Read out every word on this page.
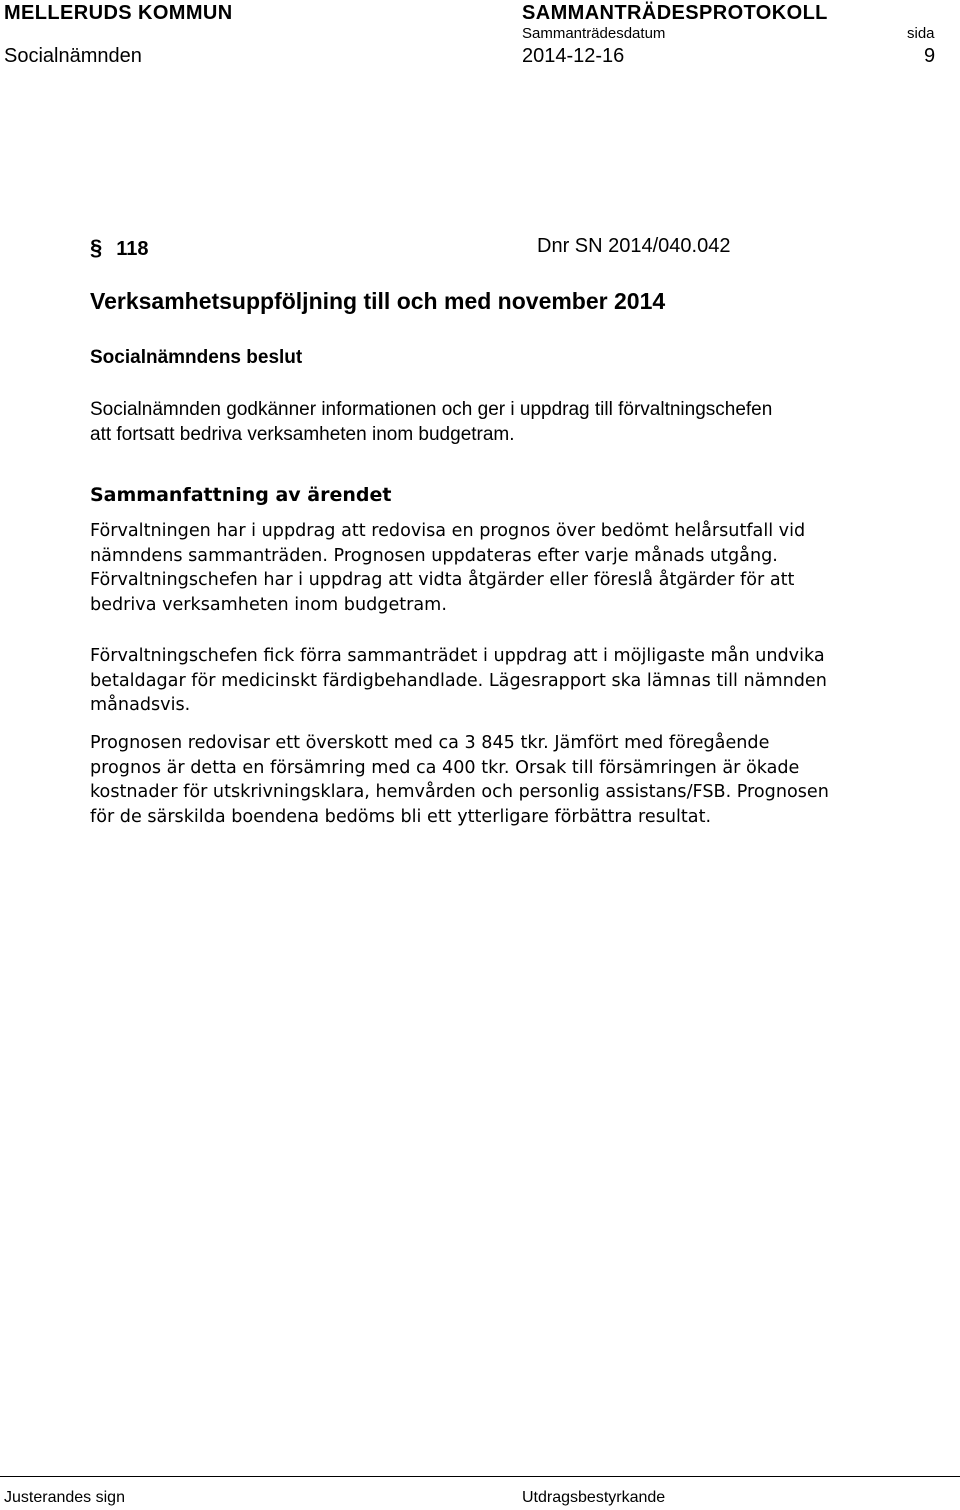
MELLERUDS KOMMUN	SAMMANTRÄDESPROTOKOLL
Sammanträdesdatum	sida
Socialnämnden	2014-12-16	9
§ 118	Dnr SN 2014/040.042
Verksamhetsuppföljning till och med november 2014
Socialnämndens beslut

Socialnämnden godkänner informationen och ger i uppdrag till förvaltningschefen

att fortsatt bedriva verksamheten inom budgetram.

Sammanfattning av ärendet

Förvaltningen har i uppdrag att redovisa en prognos över bedömt helårsutfall vid

nämndens sammanträden. Prognosen uppdateras efter varje månads utgång.

Förvaltningschefen har i uppdrag att vidta åtgärder eller föreslå åtgärder för att

bedriva verksamheten inom budgetram.

Förvaltningschefen fick förra sammanträdet i uppdrag att i möjligaste mån undvika

betaldagar för medicinskt färdigbehandlade. Lägesrapport ska lämnas till nämnden

månadsvis.

Prognosen redovisar ett överskott med ca 3 845 tkr. Jämfört med föregående

prognos är detta en försämring med ca 400 tkr. Orsak till försämringen är ökade

kostnader för utskrivningsklara, hemvården och personlig assistans/FSB. Prognosen

för de särskilda boendena bedöms bli ett ytterligare förbättra resultat.

Justerandes sign	Utdragsbestyrkande
